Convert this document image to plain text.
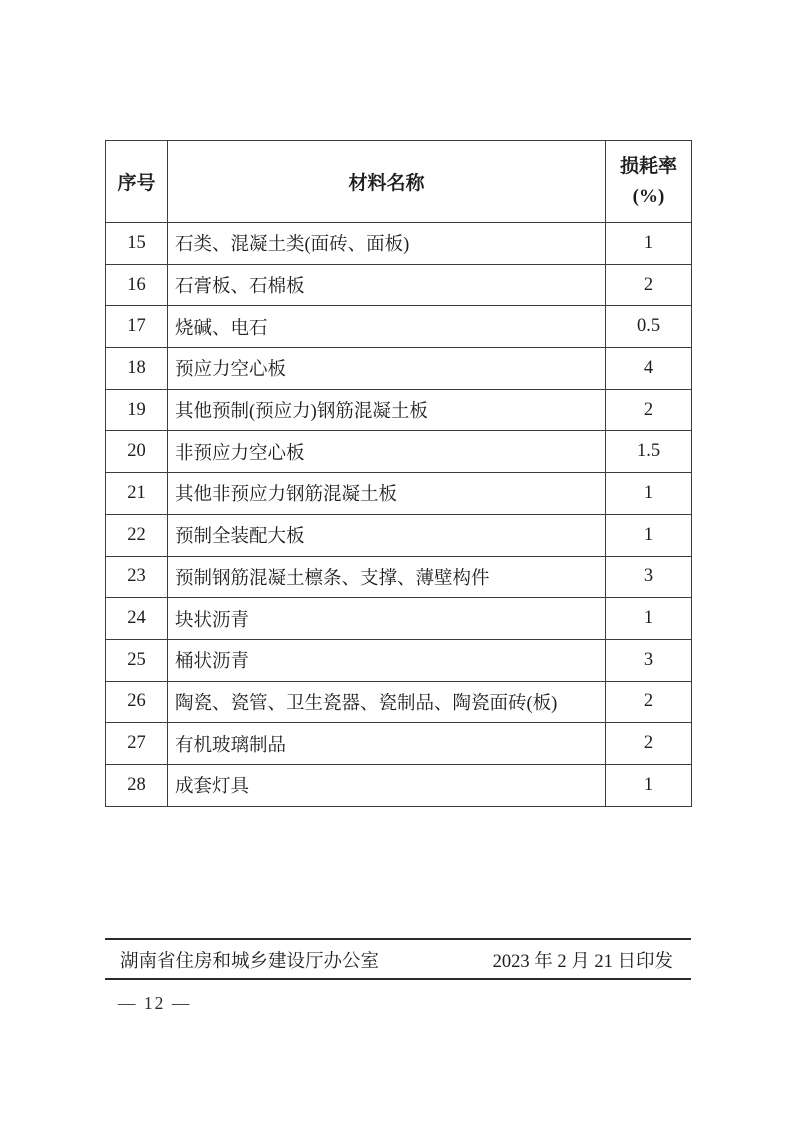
序号	材料名称	损耗率
(%)

15	石类、混凝土类(面砖、面板)	1
16	石膏板、石棉板	2
17	烧碱、电石	0.5
18	预应力空心板	4
19	其他预制(预应力)钢筋混凝土板	2
20	非预应力空心板	1.5
21	其他非预应力钢筋混凝土板	1
22	预制全装配大板	1
23	预制钢筋混凝土檩条、支撑、薄壁构件	3
24	块状沥青	1
25	桶状沥青	3
26	陶瓷、瓷管、卫生瓷器、瓷制品、陶瓷面砖(板)	2
27	有机玻璃制品	2
28	成套灯具	1
湖南省住房和城乡建设厅办公室	2023 年 2 月 21 日印发
— 12 —
